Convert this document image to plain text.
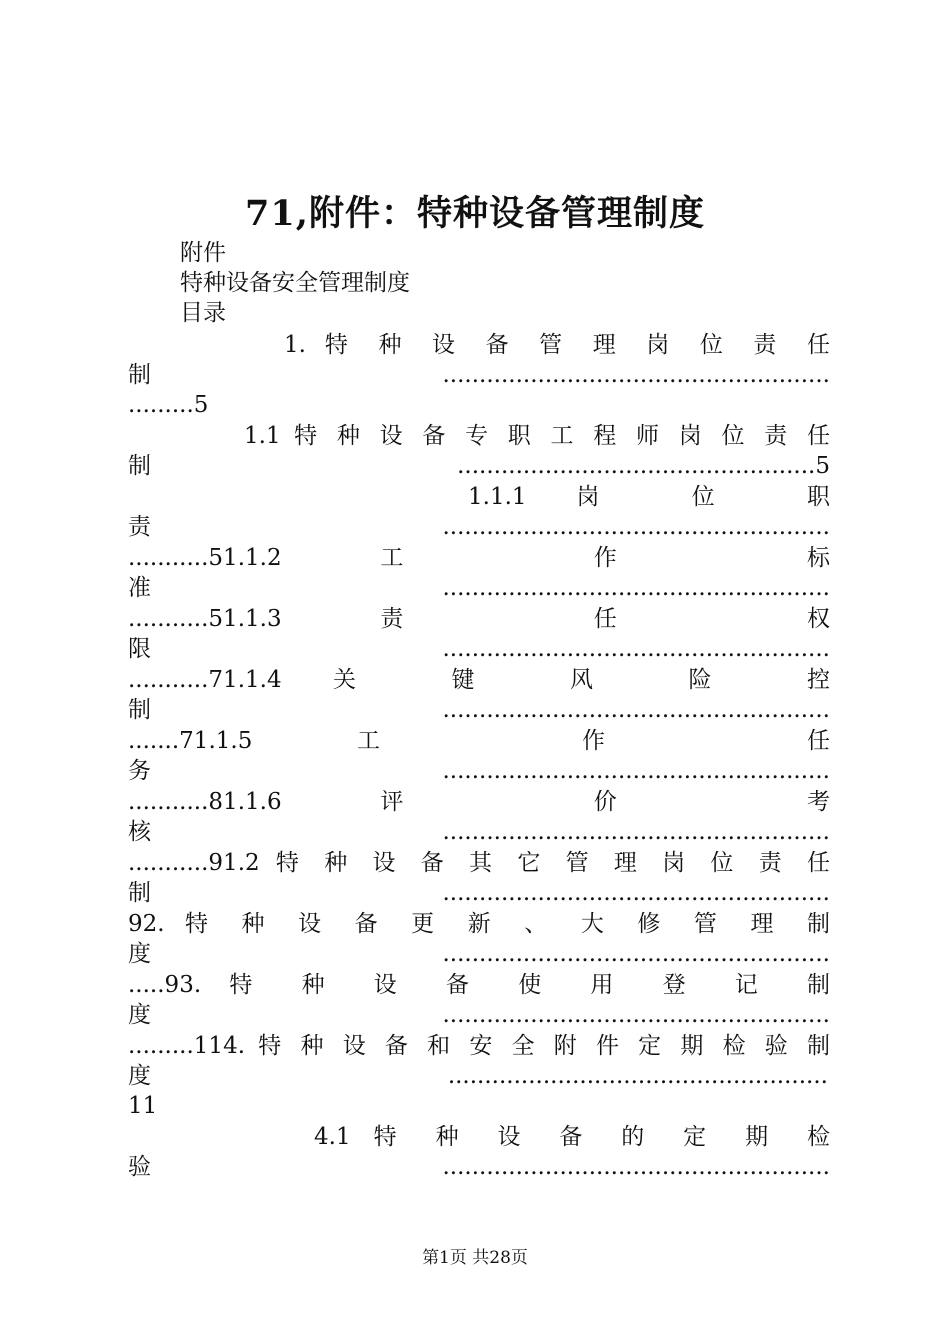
71,附件：特种设备管理制度
附件
特种设备安全管理制度
目录
1. 特 种 设 备 管 理 岗 位 责 任
制.....................................................
.........5
1.1 特 种 设 备 专 职 工 程 师 岗 位 责 任
制.................................................5
1.1.1 岗 位 职
责.....................................................
...........51.1.2 工 作 标
准.....................................................
...........51.1.3 责 任 权
限.....................................................
...........71.1.4 关 键 风 险 控
制.....................................................
.......71.1.5 工 作 任
务.....................................................
...........81.1.6 评 价 考
核.....................................................
...........91.2 特 种 设 备 其 它 管 理 岗 位 责 任
制.....................................................
92. 特 种 设 备 更 新 、 大 修 管 理 制
度.....................................................
.....93. 特 种 设 备 使 用 登 记 制
度.....................................................
.........114. 特 种 设 备 和 安 全 附 件 定 期 检 验 制
度....................................................
11
4.1 特 种 设 备 的 定 期 检
验.....................................................
第1页 共28页
